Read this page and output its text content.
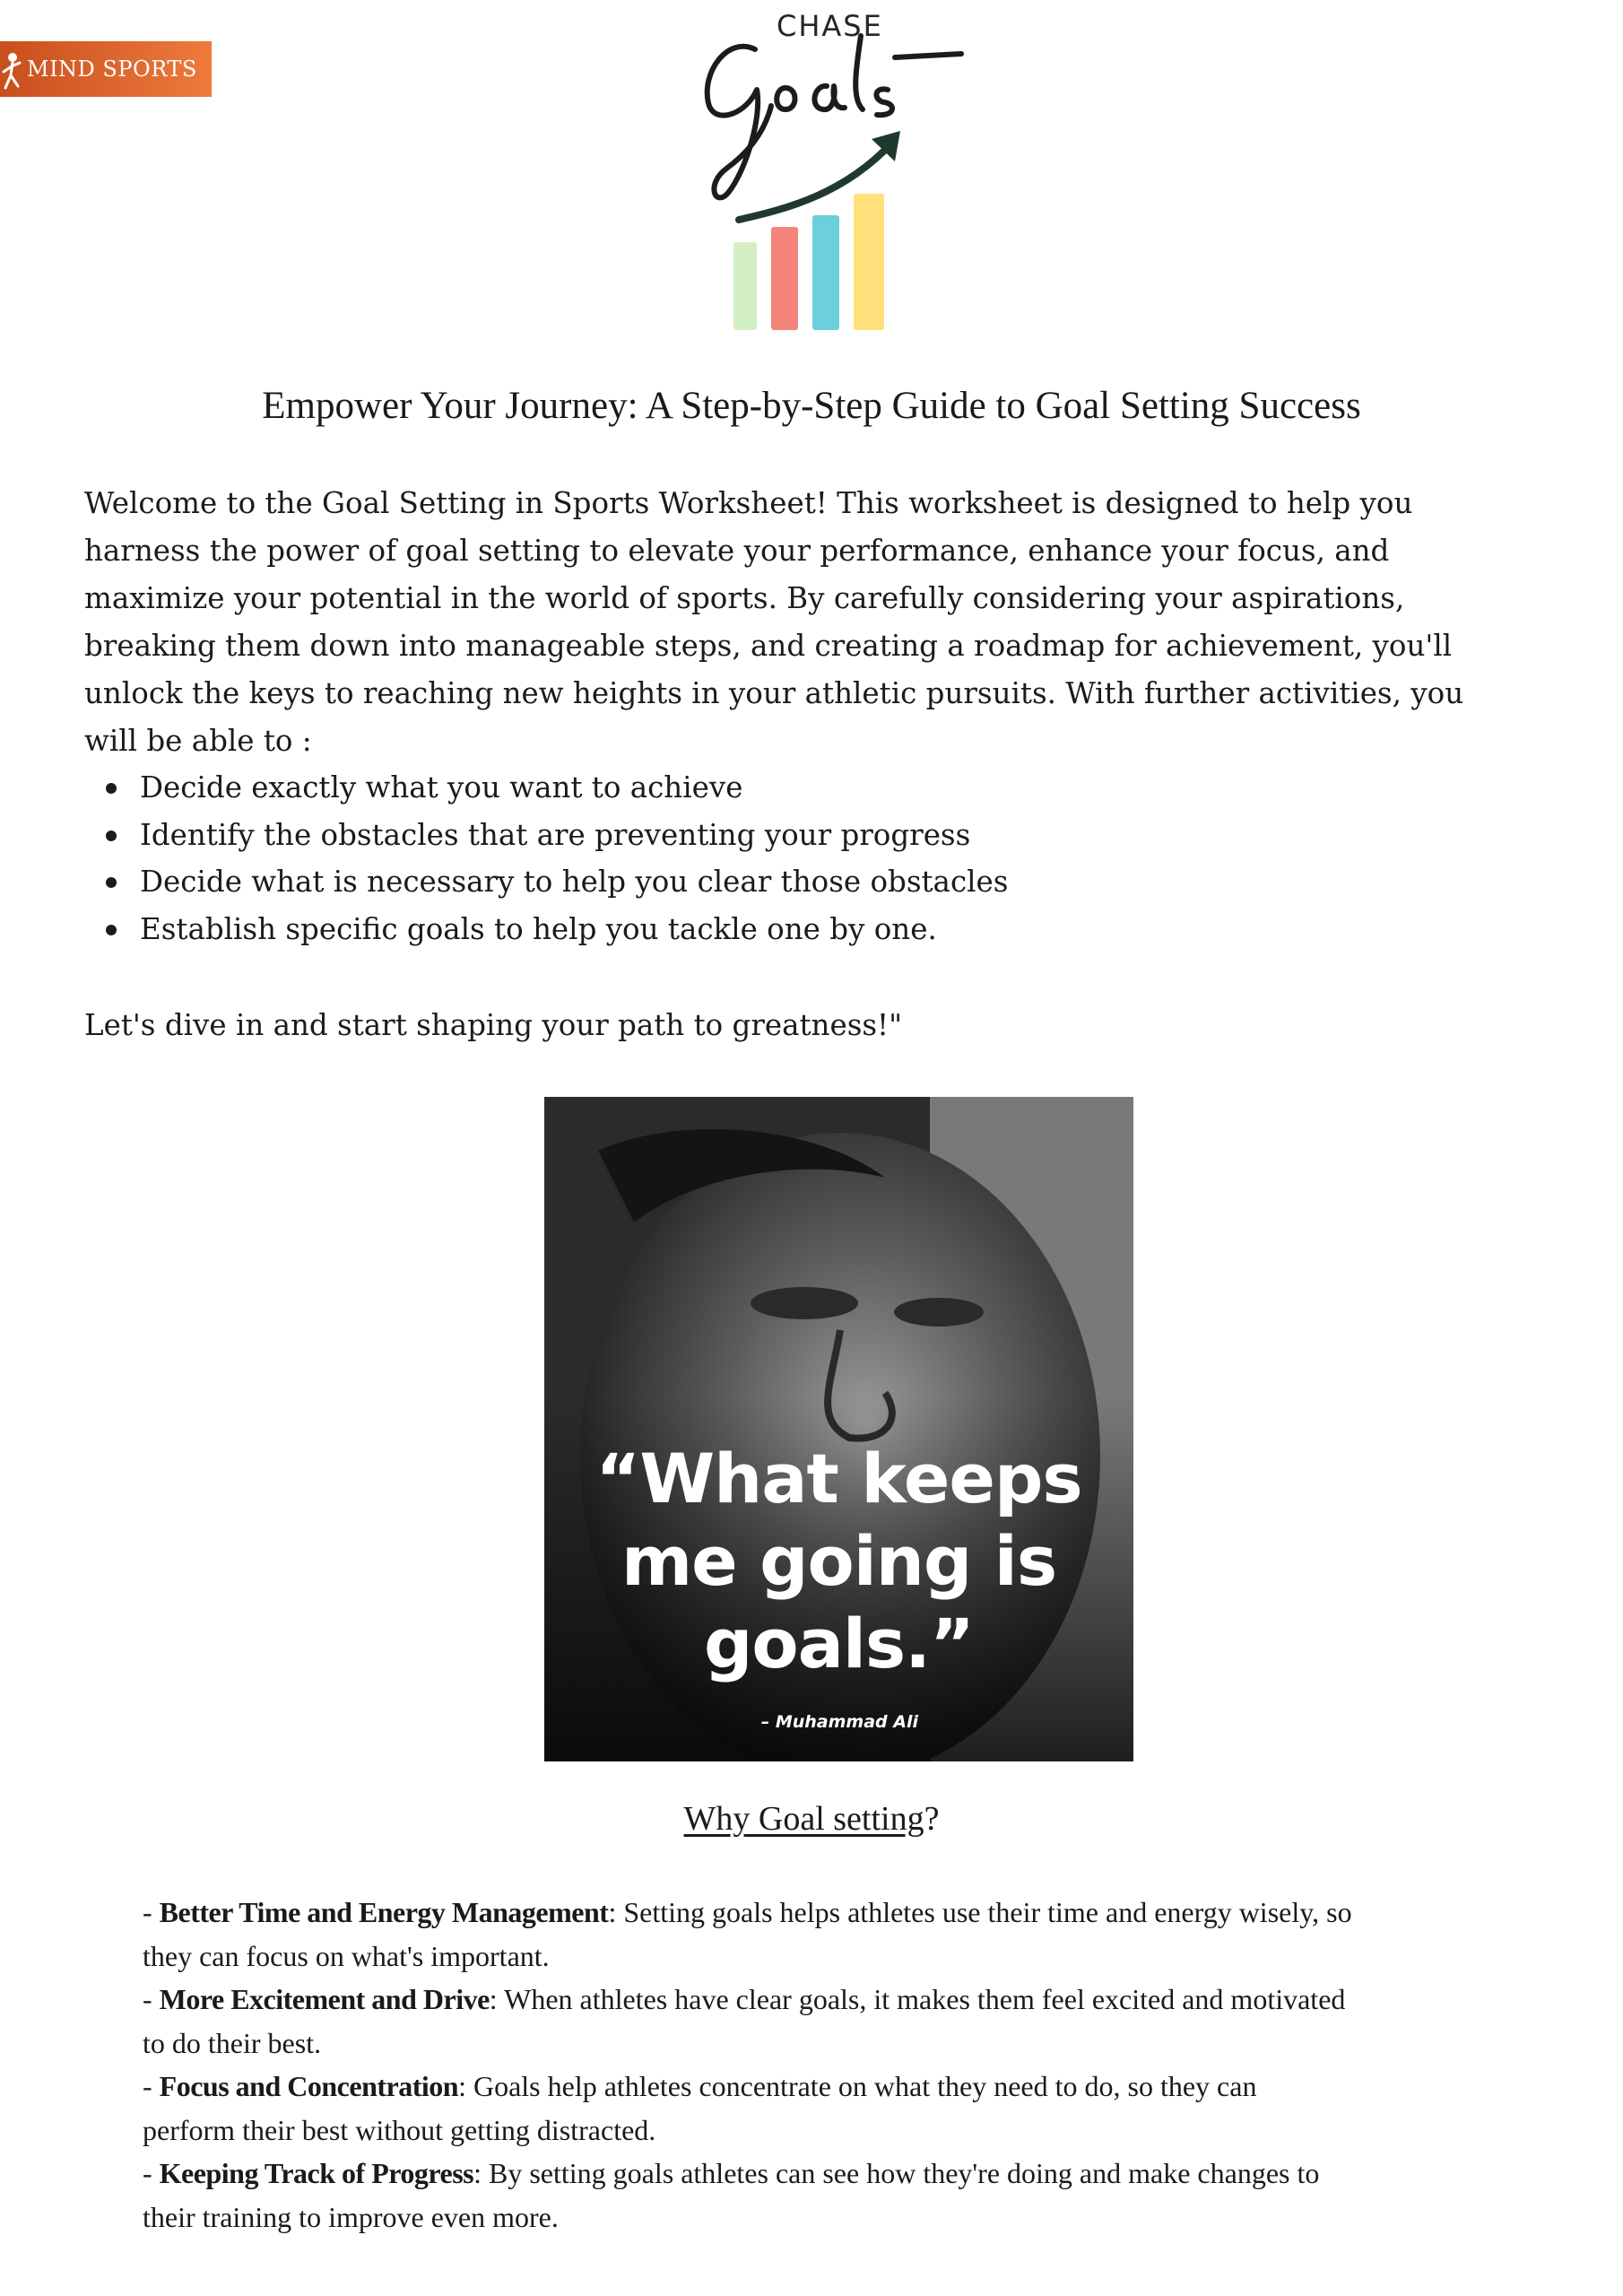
MIND SPORTS
CHASE
Empower Your Journey: A Step-by-Step Guide to Goal Setting Success

Welcome to the Goal Setting in Sports Worksheet! This worksheet is designed to help you
harness the power of goal setting to elevate your performance, enhance your focus, and
maximize your potential in the world of sports. By carefully considering your aspirations,
breaking them down into manageable steps, and creating a roadmap for achievement, you'll
unlock the keys to reaching new heights in your athletic pursuits. With further activities, you
will be able to :

Decide exactly what you want to achieve
Identify the obstacles that are preventing your progress
Decide what is necessary to help you clear those obstacles
Establish specific goals to help you tackle one by one.

Let's dive in and start shaping your path to greatness!"

“What keeps
me going is
goals.”
– Muhammad Ali
Why Goal setting?

- Better Time and Energy Management: Setting goals helps athletes use their time and energy wisely, so
they can focus on what's important.

- More Excitement and Drive: When athletes have clear goals, it makes them feel excited and motivated
to do their best.

- Focus and Concentration: Goals help athletes concentrate on what they need to do, so they can
perform their best without getting distracted.

- Keeping Track of Progress: By setting goals athletes can see how they're doing and make changes to
their training to improve even more.
